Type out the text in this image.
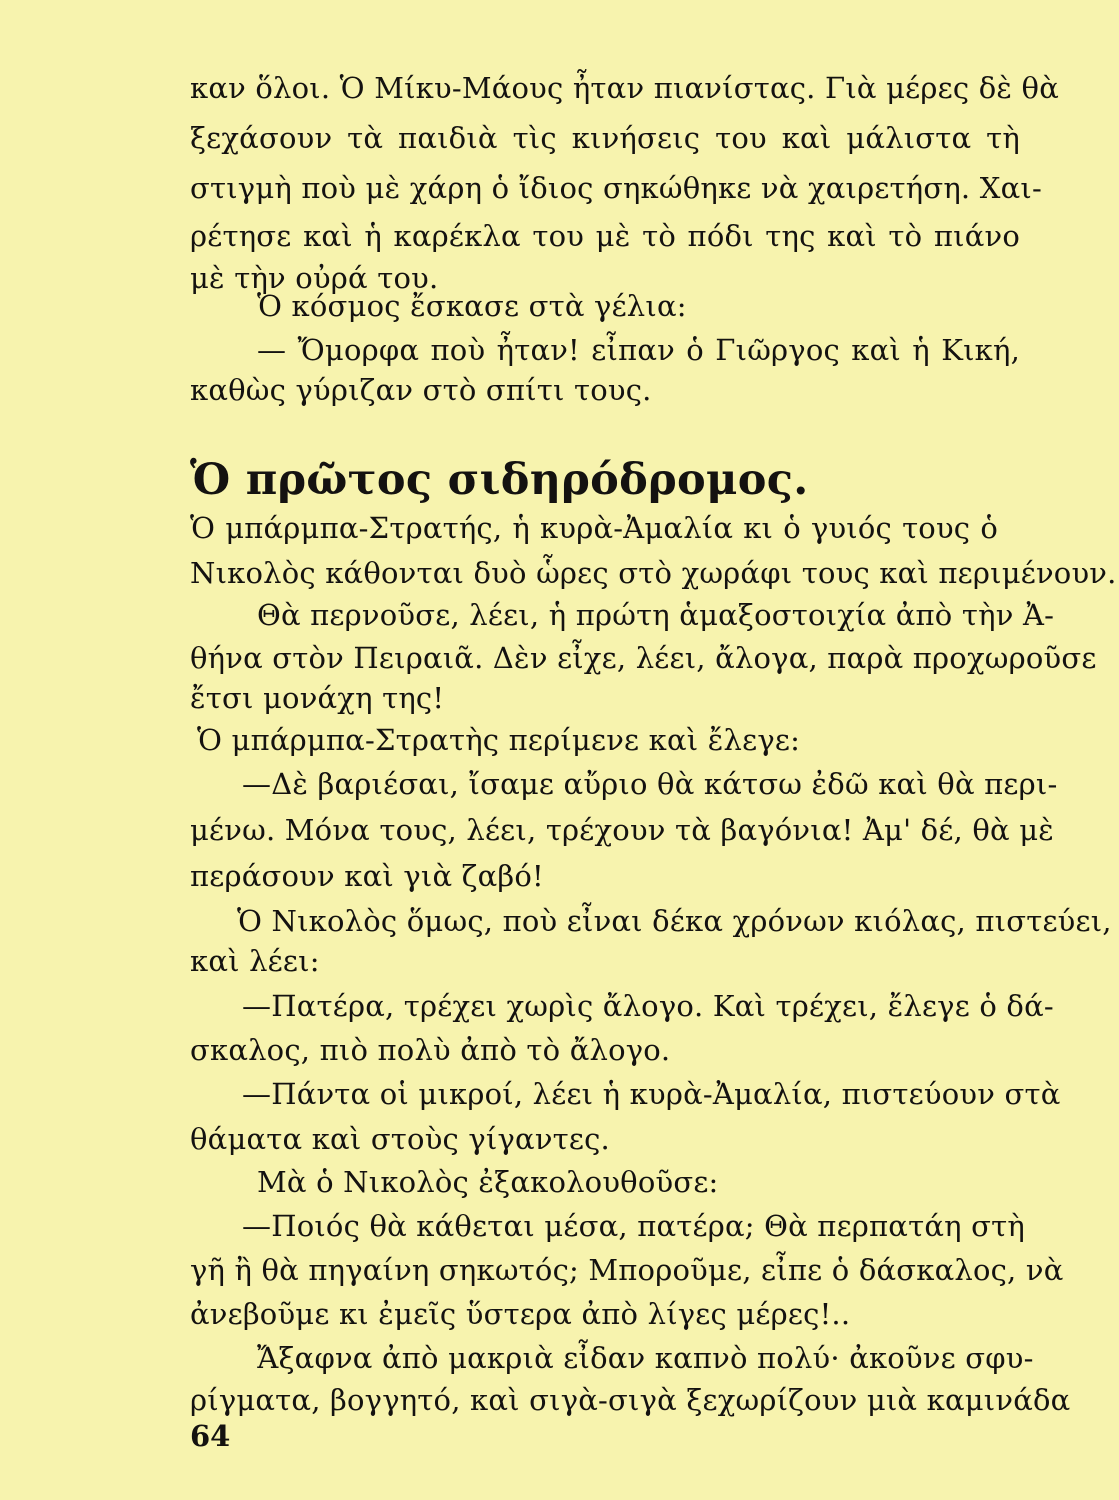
καν ὅλοι. Ὁ Μίκυ-Μάους ἦταν πιανίστας. Γιὰ μέρες δὲ θὰ
ξεχάσουν τὰ παιδιὰ τὶς κινήσεις του καὶ μάλιστα τὴ
στιγμὴ ποὺ μὲ χάρη ὁ ἴδιος σηκώθηκε νὰ χαιρετήση. Χαι-
ρέτησε καὶ ἡ καρέκλα του μὲ τὸ πόδι της καὶ τὸ πιάνο
μὲ τὴν οὐρά του.
Ὁ κόσμος ἔσκασε στὰ γέλια:
— Ὄμορφα ποὺ ἦταν! εἶπαν ὁ Γιῶργος καὶ ἡ Κική,
καθὼς γύριζαν στὸ σπίτι τους.
Ὁ πρῶτος σιδηρόδρομος.
Ὁ μπάρμπα-Στρατής, ἡ κυρὰ-Ἀμαλία κι ὁ γυιός τους ὁ
Νικολὸς κάθονται δυὸ ὧρες στὸ χωράφι τους καὶ περιμένουν.
Θὰ περνοῦσε, λέει, ἡ πρώτη ἁμαξοστοιχία ἀπὸ τὴν Ἀ-
θήνα στὸν Πειραιᾶ. Δὲν εἶχε, λέει, ἄλογα, παρὰ προχωροῦσε
ἔτσι μονάχη της!
Ὁ μπάρμπα-Στρατὴς περίμενε καὶ ἔλεγε:
—Δὲ βαριέσαι, ἴσαμε αὔριο θὰ κάτσω ἐδῶ καὶ θὰ περι-
μένω. Μόνα τους, λέει, τρέχουν τὰ βαγόνια! Ἀμ' δέ, θὰ μὲ
περάσουν καὶ γιὰ ζαβό!
Ὁ Νικολὸς ὅμως, ποὺ εἶναι δέκα χρόνων κιόλας, πιστεύει,
καὶ λέει:
—Πατέρα, τρέχει χωρὶς ἄλογο. Καὶ τρέχει, ἔλεγε ὁ δά-
σκαλος, πιὸ πολὺ ἀπὸ τὸ ἄλογο.
—Πάντα οἱ μικροί, λέει ἡ κυρὰ-Ἀμαλία, πιστεύουν στὰ
θάματα καὶ στοὺς γίγαντες.
Μὰ ὁ Νικολὸς ἐξακολουθοῦσε:
—Ποιός θὰ κάθεται μέσα, πατέρα; Θὰ περπατάη στὴ
γῆ ἢ θὰ πηγαίνη σηκωτός; Μποροῦμε, εἶπε ὁ δάσκαλος, νὰ
ἀνεβοῦμε κι ἐμεῖς ὕστερα ἀπὸ λίγες μέρες!..
Ἄξαφνα ἀπὸ μακριὰ εἶδαν καπνὸ πολύ· ἀκοῦνε σφυ-
ρίγματα, βογγητό, καὶ σιγὰ-σιγὰ ξεχωρίζουν μιὰ καμινάδα
64
